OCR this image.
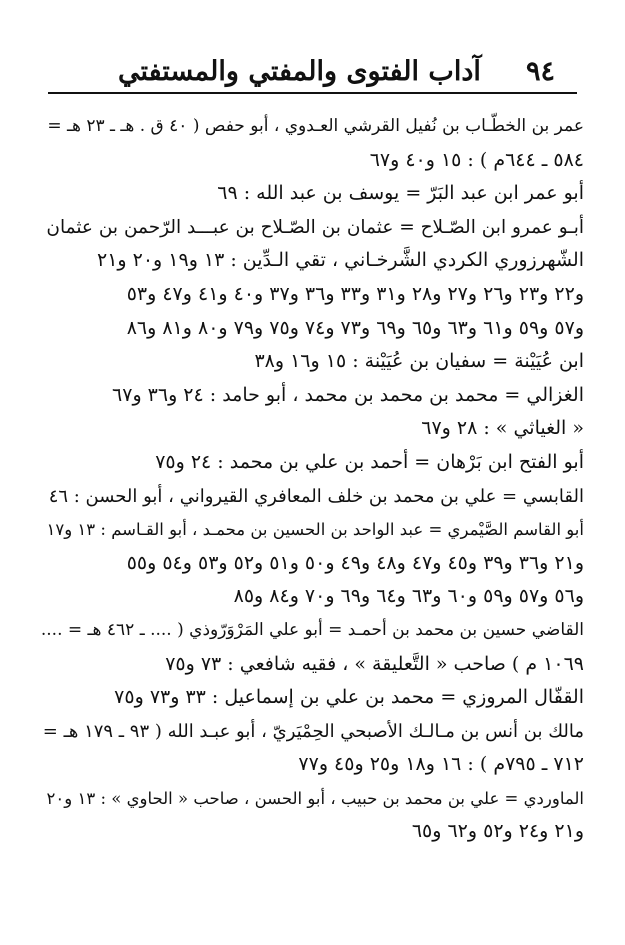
٩٤
آداب الفتوى والمفتي والمستفتي
عمر بن الخطّـاب بن نُفيل القرشي العـدوي ، أبو حفص ( ٤٠ ق . هـ ـ ٢٣ هـ =
٥٨٤ ـ ٦٤٤م ) : ١٥ و٤٠ و٦٧
أبو عمر ابن عبد البَرّ = يوسف بن عبد الله : ٦٩
أبـو عمرو ابن الصّـلاح = عثمان بن الصّـلاح بن عبـــد الرّحمن بن عثمان
الشّهرزوري الكردي الشَّرخـاني ، تقي الـدِّين : ١٣ و١٩ و٢٠ و٢١
و٢٢ و٢٣ و٢٦ و٢٧ و٢٨ و٣١ و٣٣ و٣٦ و٣٧ و٤٠ و٤١ و٤٧ و٥٣
و٥٧ و٥٩ و٦١ و٦٣ و٦٥ و٦٩ و٧٣ و٧٤ و٧٥ و٧٩ و٨٠ و٨١ و٨٦
ابن عُيَيْنة = سفيان بن عُيَيْنة : ١٥ و١٦ و٣٨
الغزالي = محمد بن محمد بن محمد ، أبو حامد : ٢٤ و٣٦ و٦٧
« الغياثي » : ٢٨ و٦٧
أبو الفتح ابن بَرْهان = أحمد بن علي بن محمد : ٢٤ و٧٥
القابسي = علي بن محمد بن خلف المعافري القيرواني ، أبو الحسن : ٤٦
أبو القاسم الصَّيْمري = عبد الواحد بن الحسين بن محمـد ، أبو القـاسم : ١٣ و١٧
و٢١ و٣٦ و٣٩ و٤٥ و٤٧ و٤٨ و٤٩ و٥٠ و٥١ و٥٢ و٥٣ و٥٤ و٥٥
و٥٦ و٥٧ و٥٩ و٦٠ و٦٣ و٦٤ و٦٩ و٧٠ و٨٤ و٨٥
القاضي حسين بن محمد بن أحمـد = أبو علي المَرْوَرّوذي ( .... ـ ٤٦٢ هـ = ....
١٠٦٩ م ) صاحب « التَّعليقة » ، فقيه شافعي : ٧٣ و٧٥
القفّال المروزي = محمد بن علي بن إسماعيل : ٣٣ و٧٣ و٧٥
مالك بن أنس بن مـالـك الأصبحي الحِمْيَريّ ، أبو عبـد الله ( ٩٣ ـ ١٧٩ هـ =
٧١٢ ـ ٧٩٥م ) : ١٦ و١٨ و٢٥ و٤٥ و٧٧
الماوردي = علي بن محمد بن حبيب ، أبو الحسن ، صاحب « الحاوي » : ١٣ و٢٠
و٢١ و٢٤ و٥٢ و٦٢ و٦٥
